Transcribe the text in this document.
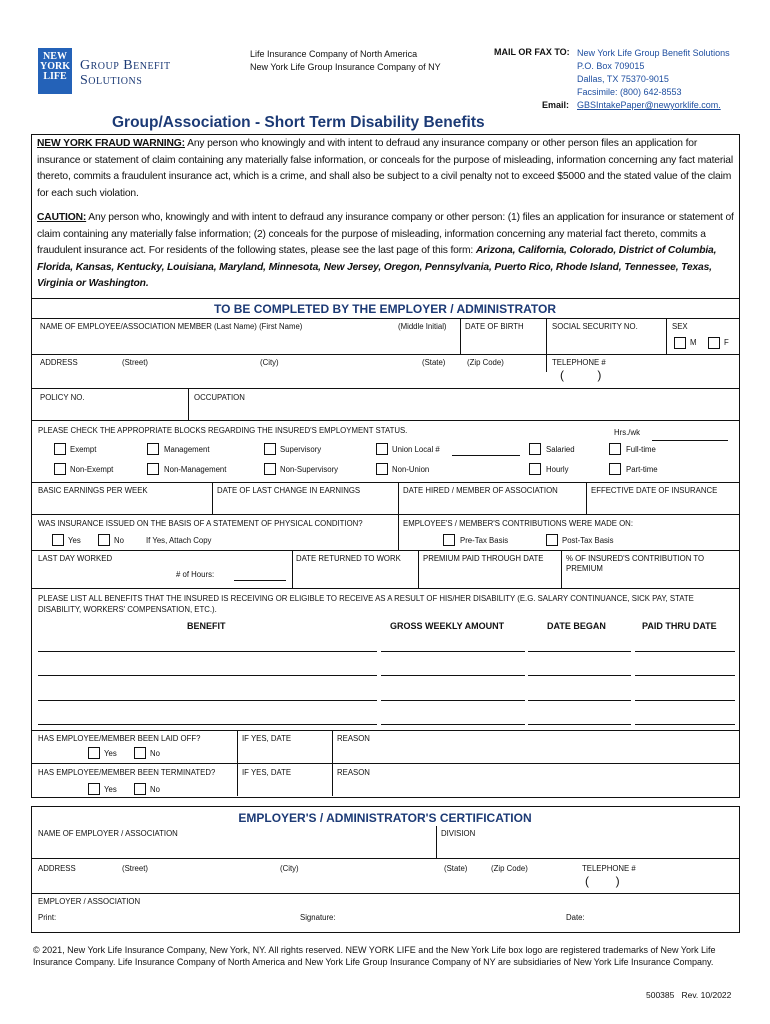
NEW
YORK
LIFE
Group Benefit
Solutions
Life Insurance Company of North America
New York Life Group Insurance Company of NY
MAIL OR FAX TO: New York Life Group Benefit Solutions
P.O. Box 709015
Dallas, TX 75370-9015
Facsimile: (800) 642-8553
Email: GBSIntakePaper@newyorklife.com.
Group/Association - Short Term Disability Benefits
NEW YORK FRAUD WARNING: Any person who knowingly and with intent to defraud any insurance company or other person files an application for insurance or statement of claim containing any materially false information, or conceals for the purpose of misleading, information concerning any fact material thereto, commits a fraudulent insurance act, which is a crime, and shall also be subject to a civil penalty not to exceed $5000 and the stated value of the claim for each such violation.
CAUTION: Any person who, knowingly and with intent to defraud any insurance company or other person: (1) files an application for insurance or statement of claim containing any materially false information; (2) conceals for the purpose of misleading, information concerning any material fact thereto, commits a fraudulent insurance act. For residents of the following states, please see the last page of this form: Arizona, California, Colorado, District of Columbia, Florida, Kansas, Kentucky, Louisiana, Maryland, Minnesota, New Jersey, Oregon, Pennsylvania, Puerto Rico, Rhode Island, Tennessee, Texas, Virginia or Washington.
TO BE COMPLETED BY THE EMPLOYER / ADMINISTRATOR
NAME OF EMPLOYEE/ASSOCIATION MEMBER (Last Name) (First Name)	(Middle Initial) DATE OF BIRTH	SOCIAL SECURITY NO.	SEX
M	F
ADDRESS	(Street)	(City)	(State)	(Zip Code)	TELEPHONE #
(          )
POLICY NO.	OCCUPATION
PLEASE CHECK THE APPROPRIATE BLOCKS REGARDING THE INSURED'S EMPLOYMENT STATUS.	Hrs./wk
Exempt	Management	Supervisory	Union Local #	Salaried	Full-time
Non-Exempt	Non-Management	Non-Supervisory	Non-Union	Hourly	Part-time
BASIC EARNINGS PER WEEK	DATE OF LAST CHANGE IN EARNINGS	DATE HIRED / MEMBER OF ASSOCIATION	EFFECTIVE DATE OF INSURANCE
WAS INSURANCE ISSUED ON THE BASIS OF A STATEMENT OF PHYSICAL CONDITION?
Yes	No	If Yes, Attach Copy
EMPLOYEE'S / MEMBER'S CONTRIBUTIONS WERE MADE ON:
Pre-Tax Basis	Post-Tax Basis
LAST DAY WORKED
# of Hours:
DATE RETURNED TO WORK	PREMIUM PAID THROUGH DATE	% OF INSURED'S CONTRIBUTION TO PREMIUM
PLEASE LIST ALL BENEFITS THAT THE INSURED IS RECEIVING OR ELIGIBLE TO RECEIVE AS A RESULT OF HIS/HER DISABILITY (E.G. SALARY CONTINUANCE, SICK PAY, STATE DISABILITY, WORKERS' COMPENSATION, ETC.).
BENEFIT	GROSS WEEKLY AMOUNT	DATE BEGAN	PAID THRU DATE
HAS EMPLOYEE/MEMBER BEEN LAID OFF?
Yes	No
IF YES, DATE	REASON
HAS EMPLOYEE/MEMBER BEEN TERMINATED?
Yes	No
IF YES, DATE	REASON
EMPLOYER'S / ADMINISTRATOR'S CERTIFICATION
NAME OF EMPLOYER / ASSOCIATION	DIVISION
ADDRESS	(Street)	(City)	(State)	(Zip Code)	TELEPHONE #
(        )
EMPLOYER / ASSOCIATION
Print:	Signature:	Date:
© 2021, New York Life Insurance Company, New York, NY. All rights reserved. NEW YORK LIFE and the New York Life box logo are registered trademarks of New York Life Insurance Company. Life Insurance Company of North America and New York Life Group Insurance Company of NY are subsidiaries of New York Life Insurance Company.
500385   Rev. 10/2022
